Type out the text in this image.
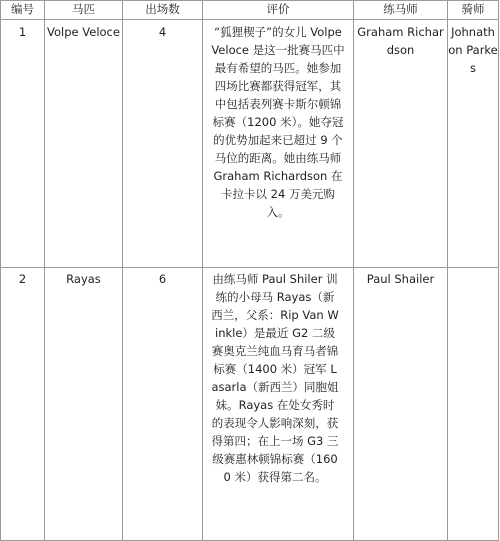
编号	马匹	出场数	评价	练马师	骑师

1	Volpe Veloce	4	“狐狸楔子”的女儿 Volpe Veloce 是这一批赛马匹中最有希望的马匹。她参加四场比赛都获得冠军，其中包括表列赛卡斯尔顿锦标赛（1200 米）。她夺冠的优势加起来已超过 9 个马位的距离。她由练马师 Graham Richardson 在卡拉卡以 24 万美元购入。	Graham Richardson	Johnathon Parkes

2	Rayas	6	由练马师 Paul Shiler 训练的小母马 Rayas（新西兰，父系：Rip Van Winkle）是最近 G2 二级赛奥克兰纯血马育马者锦标赛（1400 米）冠军 Lasarla（新西兰）同胞姐妹。Rayas 在处女秀时的表现令人影响深刻，获得第四；在上一场 G3 三级赛惠林顿锦标赛（1600 米）获得第二名。	Paul Shailer	
